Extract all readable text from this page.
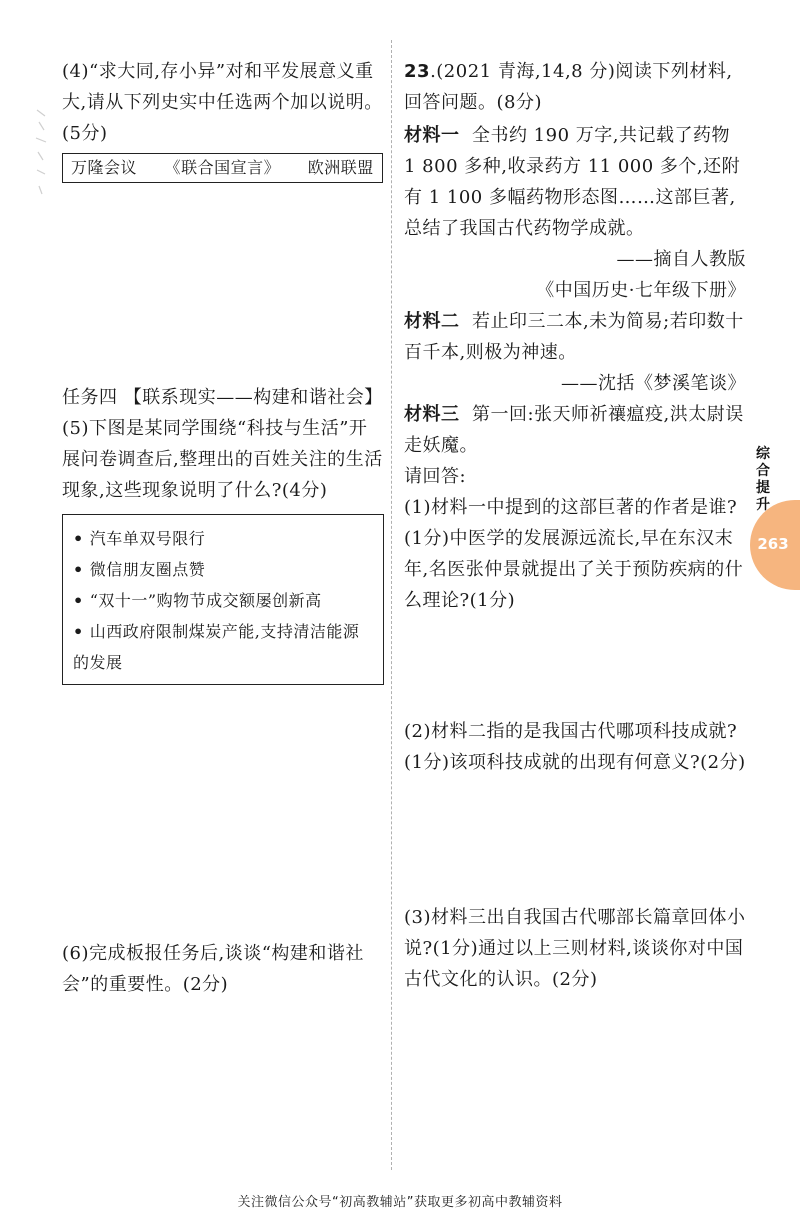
(4)“求大同,存小异”对和平发展意义重大,请从下列史实中任选两个加以说明。(5分)

万隆会议 《联合国宣言》 欧洲联盟

任务四 【联系现实——构建和谐社会】

(5)下图是某同学围绕“科技与生活”开展问卷调查后,整理出的百姓关注的生活现象,这些现象说明了什么?(4分)

• 汽车单双号限行
• 微信朋友圈点赞
• “双十一”购物节成交额屡创新高
• 山西政府限制煤炭产能,支持清洁能源的发展

(6)完成板报任务后,谈谈“构建和谐社会”的重要性。(2分)

23.(2021 青海,14,8 分)阅读下列材料,回答问题。(8分)

材料一 全书约 190 万字,共记载了药物 1 800 多种,收录药方 11 000 多个,还附有 1 100 多幅药物形态图……这部巨著,总结了我国古代药物学成就。

——摘自人教版

《中国历史·七年级下册》

材料二 若止印三二本,未为简易;若印数十百千本,则极为神速。

——沈括《梦溪笔谈》

材料三 第一回:张天师祈禳瘟疫,洪太尉误走妖魔。

请回答:

(1)材料一中提到的这部巨著的作者是谁?(1分)中医学的发展源远流长,早在东汉末年,名医张仲景就提出了关于预防疾病的什么理论?(1分)

(2)材料二指的是我国古代哪项科技成就?(1分)该项科技成就的出现有何意义?(2分)

(3)材料三出自我国古代哪部长篇章回体小说?(1分)通过以上三则材料,谈谈你对中国古代文化的认识。(2分)

综合提升
263
关注微信公众号“初高教辅站”获取更多初高中教辅资料
